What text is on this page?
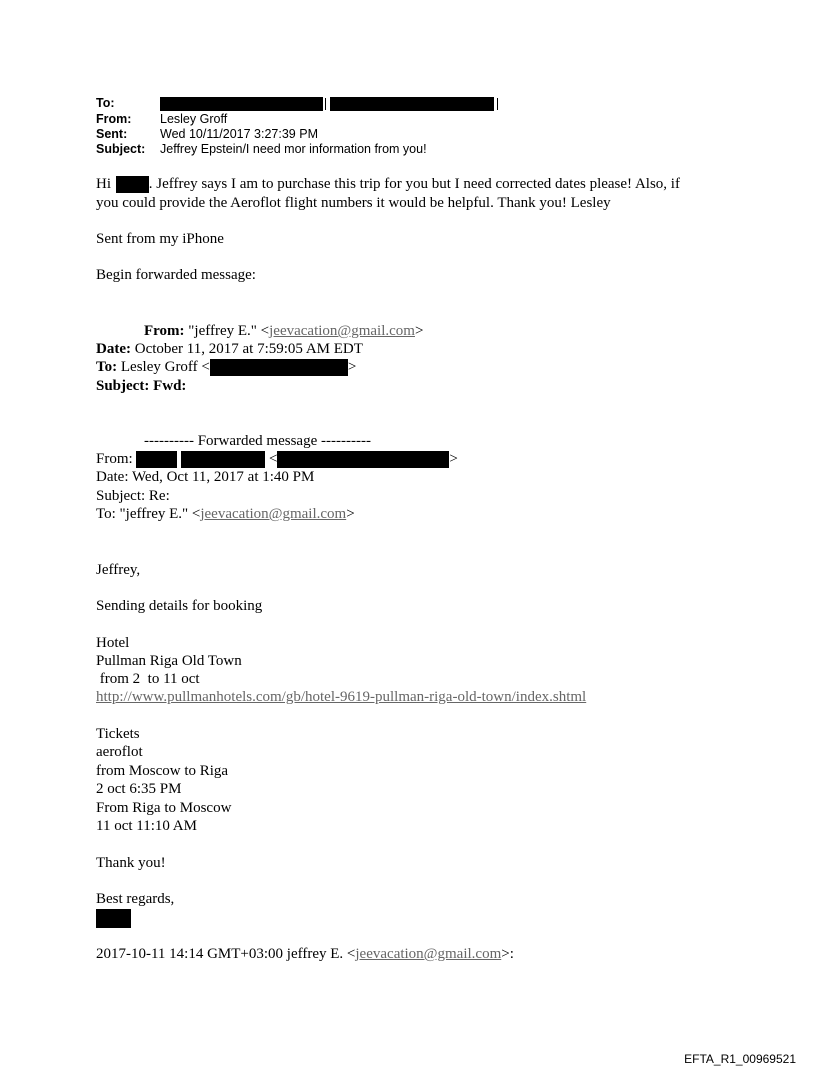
To:
From: Lesley Groff
Sent:	Wed 10/11/2017 3:27:39 PM
Subject: Jeffrey Epstein/I need mor information from you!
Hi	. Jeffrey says I am to purchase this trip for you but I need corrected dates please! Also, if
you could provide the Aeroflot flight numbers it would be helpful. Thank you! Lesley
Sent from my iPhone
Begin forwarded message:
From: "jeffrey E." <jeevacation@gmail.com>
Date: October 11, 2017 at 7:59:05 AM EDT
To: Lesley Groff <	>
Subject: Fwd:
---------- Forwarded message ----------
From:	<	>
Date: Wed, Oct 11, 2017 at 1:40 PM
Subject: Re:
To: "jeffrey E." <jeevacation@gmail.com>
Jeffrey,
Sending details for booking
Hotel
Pullman Riga Old Town
from 2  to 11 oct
http://www.pullmanhotels.com/gb/hotel-9619-pullman-riga-old-town/index.shtml
Tickets
aeroflot
from Moscow to Riga
2 oct 6:35 PM
From Riga to Moscow
11 oct 11:10 AM
Thank you!
Best regards,
2017-10-11 14:14 GMT+03:00 jeffrey E. <jeevacation@gmail.com>:
EFTA_R1_00969521
